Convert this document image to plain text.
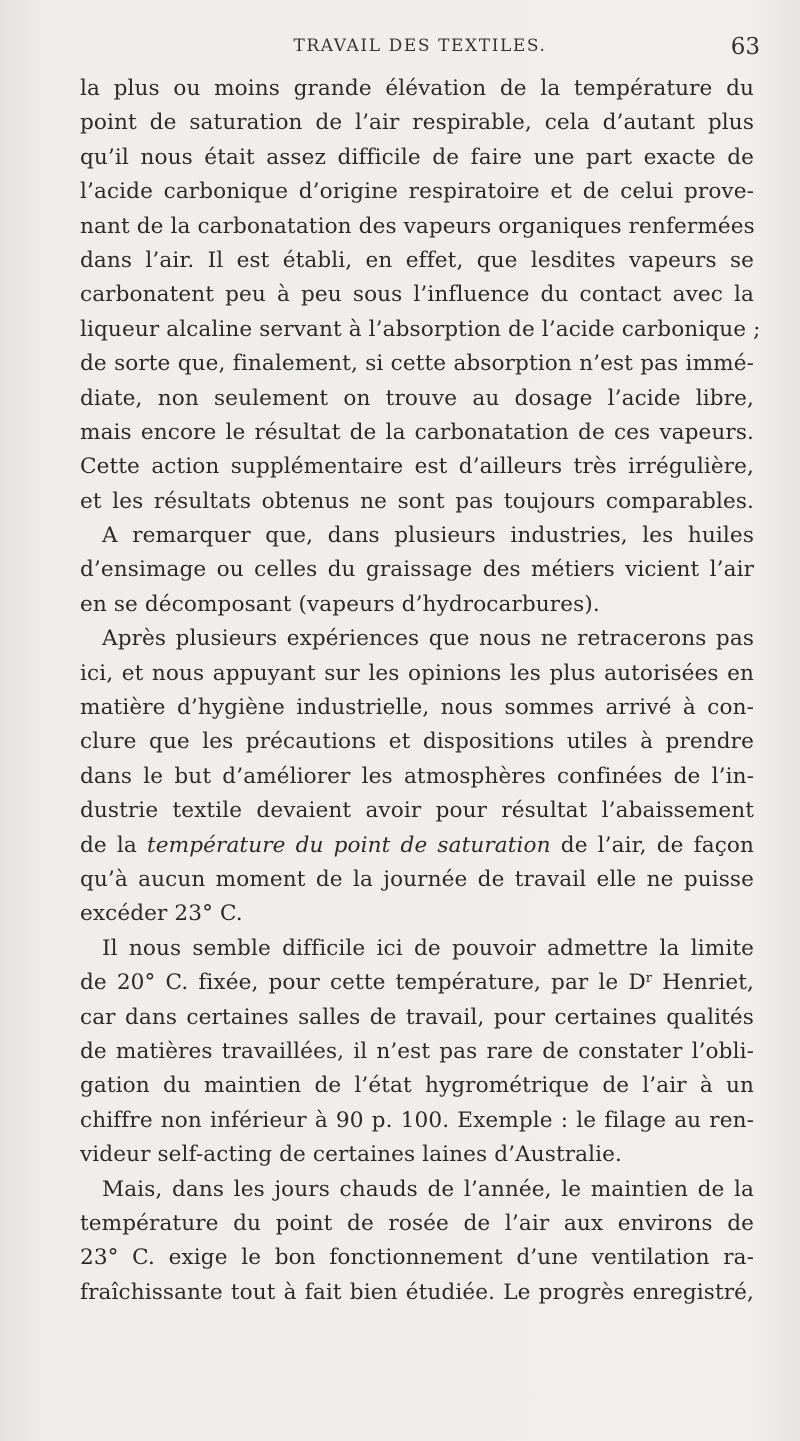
TRAVAIL DES TEXTILES.	63
la plus ou moins grande élévation de la température du
point de saturation de l’air respirable, cela d’autant plus
qu’il nous était assez difficile de faire une part exacte de
l’acide carbonique d’origine respiratoire et de celui prove-
nant de la carbonatation des vapeurs organiques renfermées
dans l’air. Il est établi, en effet, que lesdites vapeurs se
carbonatent peu à peu sous l’influence du contact avec la
liqueur alcaline servant à l’absorption de l’acide carbonique ;
de sorte que, finalement, si cette absorption n’est pas immé-
diate, non seulement on trouve au dosage l’acide libre,
mais encore le résultat de la carbonatation de ces vapeurs.
Cette action supplémentaire est d’ailleurs très irrégulière,
et les résultats obtenus ne sont pas toujours comparables.
A remarquer que, dans plusieurs industries, les huiles
d’ensimage ou celles du graissage des métiers vicient l’air
en se décomposant (vapeurs d’hydrocarbures).
Après plusieurs expériences que nous ne retracerons pas
ici, et nous appuyant sur les opinions les plus autorisées en
matière d’hygiène industrielle, nous sommes arrivé à con-
clure que les précautions et dispositions utiles à prendre
dans le but d’améliorer les atmosphères confinées de l’in-
dustrie textile devaient avoir pour résultat l’abaissement
de la température du point de saturation de l’air, de façon
qu’à aucun moment de la journée de travail elle ne puisse
excéder 23° C.
Il nous semble difficile ici de pouvoir admettre la limite
de 20° C. fixée, pour cette température, par le $D^r$ Henriet,
car dans certaines salles de travail, pour certaines qualités
de matières travaillées, il n’est pas rare de constater l’obli-
gation du maintien de l’état hygrométrique de l’air à un
chiffre non inférieur à 90 p. 100. Exemple : le filage au ren-
videur self-acting de certaines laines d’Australie.
Mais, dans les jours chauds de l’année, le maintien de la
température du point de rosée de l’air aux environs de
23° C. exige le bon fonctionnement d’une ventilation ra-
fraîchissante tout à fait bien étudiée. Le progrès enregistré,
